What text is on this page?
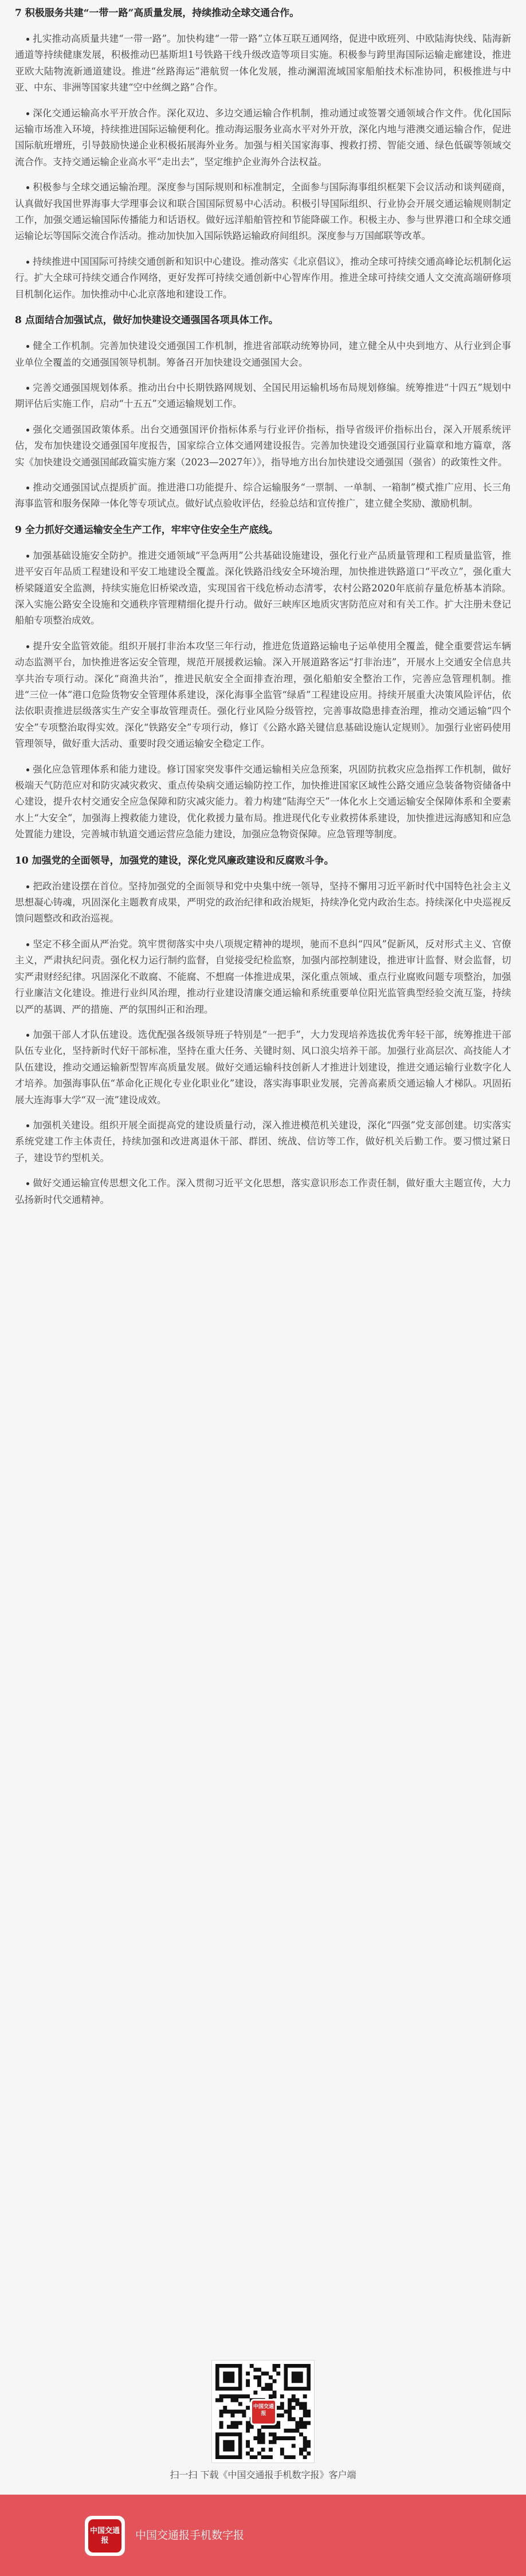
7 积极服务共建“一带一路”高质量发展，持续推动全球交通合作。

扎实推动高质量共建“一带一路”。加快构建“一带一路”立体互联互通网络，促进中欧班列、中欧陆海快线、陆海新通道等持续健康发展，积极推动巴基斯坦1号铁路干线升级改造等项目实施。积极参与跨里海国际运输走廊建设，推进亚欧大陆物流新通道建设。推进“丝路海运”港航贸一体化发展，推动澜湄流域国家船舶技术标准协同，积极推进与中亚、中东、非洲等国家共建“空中丝绸之路”合作。

深化交通运输高水平开放合作。深化双边、多边交通运输合作机制，推动通过或签署交通领域合作文件。优化国际运输市场准入环境，持续推进国际运输便利化。推动海运服务业高水平对外开放，深化内地与港澳交通运输合作，促进国际航班增班，引导鼓励快递企业积极拓展海外业务。加强与相关国家海事、搜救打捞、智能交通、绿色低碳等领域交流合作。支持交通运输企业高水平“走出去”，坚定维护企业海外合法权益。

积极参与全球交通运输治理。深度参与国际规则和标准制定，全面参与国际海事组织框架下会议活动和谈判磋商，认真做好我国世界海事大学理事会议和联合国国际贸易中心活动。积极引导国际组织、行业协会开展交通运输规则制定工作，加强交通运输国际传播能力和话语权。做好远洋船舶管控和节能降碳工作。积极主办、参与世界港口和全球交通运输论坛等国际交流合作活动。推动加快加入国际铁路运输政府间组织。深度参与万国邮联等改革。

持续推进中国国际可持续交通创新和知识中心建设。推动落实《北京倡议》，推动全球可持续交通高峰论坛机制化运行。扩大全球可持续交通合作网络，更好发挥可持续交通创新中心智库作用。推进全球可持续交通人文交流高端研修项目机制化运作。加快推动中心北京落地和建设工作。

8 点面结合加强试点，做好加快建设交通强国各项具体工作。

健全工作机制。完善加快建设交通强国工作机制，推进省部联动统筹协同，建立健全从中央到地方、从行业到企事业单位全覆盖的交通强国领导机制。筹备召开加快建设交通强国大会。

完善交通强国规划体系。推动出台中长期铁路网规划、全国民用运输机场布局规划修编。统筹推进“十四五”规划中期评估后实施工作，启动“十五五”交通运输规划工作。

强化交通强国政策体系。出台交通强国评价指标体系与行业评价指标，指导省级评价指标出台，深入开展系统评估，发布加快建设交通强国年度报告，国家综合立体交通网建设报告。完善加快建设交通强国行业篇章和地方篇章，落实《加快建设交通强国邮政篇实施方案（2023—2027年）》，指导地方出台加快建设交通强国（强省）的政策性文件。

推动交通强国试点提质扩面。推进港口功能提升、综合运输服务“一票制、一单制、一箱制”模式推广应用、长三角海事监管和服务保障一体化等专项试点。做好试点验收评估，经验总结和宣传推广，建立健全奖励、激励机制。

9 全力抓好交通运输安全生产工作，牢牢守住安全生产底线。

加强基础设施安全防护。推进交通领域“平急两用”公共基础设施建设，强化行业产品质量管理和工程质量监管，推进平安百年品质工程建设和平安工地建设全覆盖。深化铁路沿线安全环境治理，加快推进铁路道口“平改立”，强化重大桥梁隧道安全监测，持续实施危旧桥梁改造，实现国省干线危桥动态清零，农村公路2020年底前存量危桥基本消除。深入实施公路安全设施和交通秩序管理精细化提升行动。做好三峡库区地质灾害防范应对和有关工作。扩大注册未登记船舶专项整治成效。

提升安全监管效能。组织开展打非治本攻坚三年行动，推进危货道路运输电子运单使用全覆盖，健全重要营运车辆动态监测平台，加快推进客运安全管理，规范开展援救运输。深入开展道路客运“打非治违”，开展水上交通安全信息共享共治专项行动。深化“商渔共治”，推进民航安全全面排查治理，强化船舶安全整治工作，完善应急管理机制。推进“三位一体”港口危险货物安全管理体系建设，深化海事全监管“绿盾”工程建设应用。持续开展重大决策风险评估，依法依职责推进层级落实生产安全事故管理责任。强化行业风险分级管控，完善事故隐患排查治理，推动交通运输“四个安全”专项整治取得实效。深化“铁路安全”专项行动，修订《公路水路关键信息基础设施认定规则》。加强行业密码使用管理领导，做好重大活动、重要时段交通运输安全稳定工作。

强化应急管理体系和能力建设。修订国家突发事件交通运输相关应急预案，巩固防抗救灾应急指挥工作机制，做好极端天气防范应对和防灾减灾救灾、重点传染病交通运输防控工作，加快推进国家区域性公路交通应急装备物资储备中心建设，提升农村交通安全应急保障和防灾减灾能力。着力构建“陆海空天”一体化水上交通运输安全保障体系和全要素水上“大安全”，加强海上搜救能力建设，优化救援力量布局。推进现代化专业救捞体系建设，加快推进远海感知和应急处置能力建设，完善城市轨道交通运营应急能力建设，加强应急物资保障。应急管理等制度。

10 加强党的全面领导，加强党的建设，深化党风廉政建设和反腐败斗争。

把政治建设摆在首位。坚持加强党的全面领导和党中央集中统一领导，坚持不懈用习近平新时代中国特色社会主义思想凝心铸魂，巩固深化主题教育成果，严明党的政治纪律和政治规矩，持续净化党内政治生态。持续深化中央巡视反馈问题整改和政治巡视。

坚定不移全面从严治党。筑牢贯彻落实中央八项规定精神的堤坝，驰而不息纠“四风”促新风，反对形式主义、官僚主义，严肃执纪问责。强化权力运行制约监督，自觉接受纪检监察，加强内部控制建设，推进审计监督、财会监督，切实严肃财经纪律。巩固深化不敢腐、不能腐、不想腐一体推进成果，深化重点领域、重点行业腐败问题专项整治，加强行业廉洁文化建设。推进行业纠风治理，推动行业建设清廉交通运输和系统重要单位阳光监管典型经验交流互鉴，持续以严的基调、严的措施、严的氛围纠正和治理。

加强干部人才队伍建设。选优配强各级领导班子特别是“一把手”，大力发现培养选拔优秀年轻干部，统筹推进干部队伍专业化，坚持新时代好干部标准，坚持在重大任务、关键时刻、风口浪尖培养干部。加强行业高层次、高技能人才队伍建设，推动交通运输新型智库高质量发展。做好交通运输科技创新人才推进计划建设，推进交通运输行业数字化人才培养。加强海事队伍“革命化正规化专业化职业化”建设，落实海事职业发展，完善高素质交通运输人才梯队。巩固拓展大连海事大学“双一流”建设成效。

加强机关建设。组织开展全面提高党的建设质量行动，深入推进模范机关建设，深化“四强”党支部创建。切实落实系统党建工作主体责任，持续加强和改进离退休干部、群团、统战、信访等工作，做好机关后勤工作。要习惯过紧日子，建设节约型机关。

做好交通运输宣传思想文化工作。深入贯彻习近平文化思想，落实意识形态工作责任制，做好重大主题宣传，大力弘扬新时代交通精神。

中国交通报
扫一扫 下载《中国交通报手机数字报》客户端
中国交通报	中国交通报手机数字报
